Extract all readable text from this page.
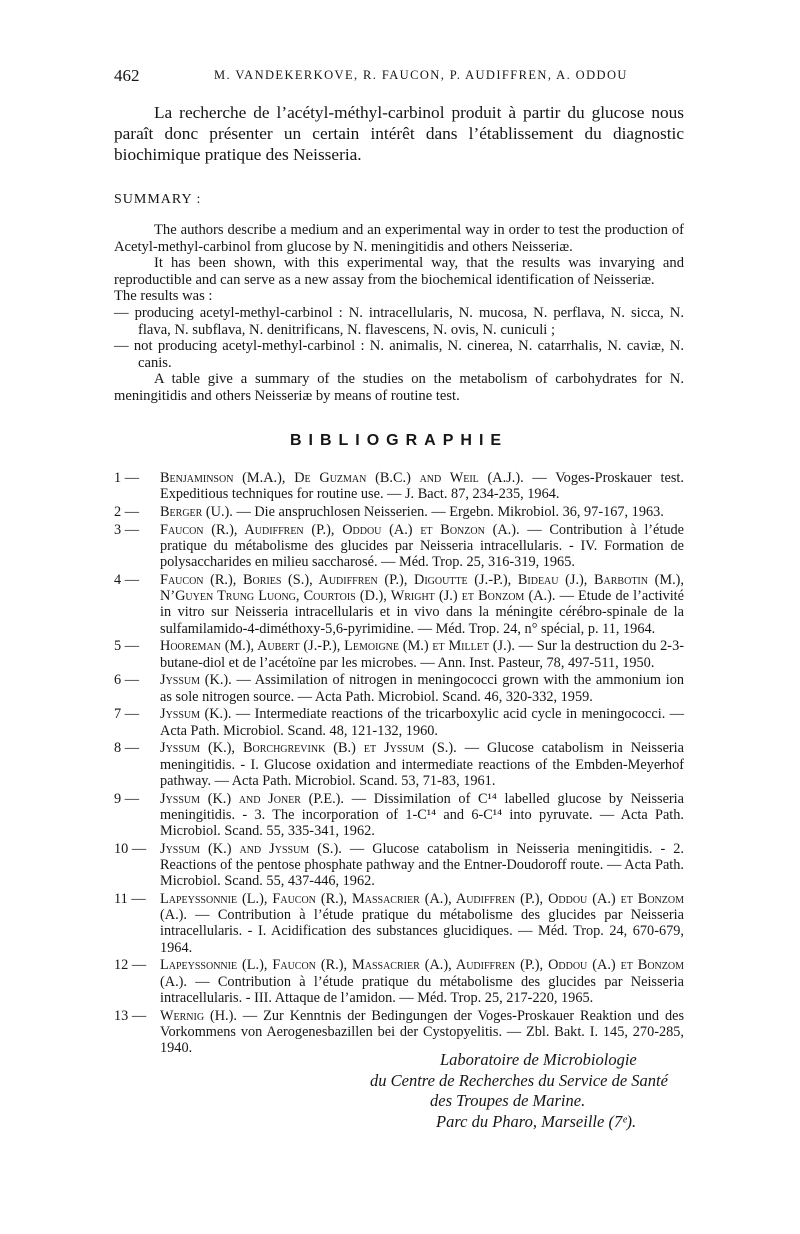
462	M. VANDEKERKOVE, R. FAUCON, P. AUDIFFREN, A. ODDOU

La recherche de l’acétyl-méthyl-carbinol produit à partir du glucose nous paraît donc présenter un certain intérêt dans l’établissement du diagnostic biochimique pratique des Neisseria.

SUMMARY :

The authors describe a medium and an experimental way in order to test the production of Acetyl-methyl-carbinol from glucose by N. meningitidis and others Neisseriæ.

It has been shown, with this experimental way, that the results was invarying and reproductible and can serve as a new assay from the biochemical identification of Neisseriæ.

The results was :

— producing acetyl-methyl-carbinol : N. intracellularis, N. mucosa, N. perflava, N. sicca, N. flava, N. subflava, N. denitrificans, N. flavescens, N. ovis, N. cuniculi ;

— not producing acetyl-methyl-carbinol : N. animalis, N. cinerea, N. catarrhalis, N. caviæ, N. canis.

A table give a summary of the studies on the metabolism of carbohydrates for N. meningitidis and others Neisseriæ by means of routine test.

BIBLIOGRAPHIE
1 —	Benjaminson (M.A.), De Guzman (B.C.) and Weil (A.J.). — Voges-Proskauer test. Expeditious techniques for routine use. — J. Bact. 87, 234-235, 1964.
2 —	Berger (U.). — Die anspruchlosen Neisserien. — Ergebn. Mikrobiol. 36, 97-167, 1963.
3 —	Faucon (R.), Audiffren (P.), Oddou (A.) et Bonzon (A.). — Contribution à l’étude pratique du métabolisme des glucides par Neisseria intracellularis. - IV. Formation de polysaccharides en milieu saccharosé. — Méd. Trop. 25, 316-319, 1965.
4 —	Faucon (R.), Bories (S.), Audiffren (P.), Digoutte (J.-P.), Bideau (J.), Barbotin (M.), N’Guyen Trung Luong, Courtois (D.), Wright (J.) et Bonzom (A.). — Etude de l’activité in vitro sur Neisseria intracellularis et in vivo dans la méningite cérébro-spinale de la sulfamilamido-4-diméthoxy-5,6-pyrimidine. — Méd. Trop. 24, n° spécial, p. 11, 1964.
5 —	Hooreman (M.), Aubert (J.-P.), Lemoigne (M.) et Millet (J.). — Sur la destruction du 2-3-butane-diol et de l’acétoïne par les microbes. — Ann. Inst. Pasteur, 78, 497-511, 1950.
6 —	Jyssum (K.). — Assimilation of nitrogen in meningococci grown with the ammonium ion as sole nitrogen source. — Acta Path. Microbiol. Scand. 46, 320-332, 1959.
7 —	Jyssum (K.). — Intermediate reactions of the tricarboxylic acid cycle in meningococci. — Acta Path. Microbiol. Scand. 48, 121-132, 1960.
8 —	Jyssum (K.), Borchgrevink (B.) et Jyssum (S.). — Glucose catabolism in Neisseria meningitidis. - I. Glucose oxidation and intermediate reactions of the Embden-Meyerhof pathway. — Acta Path. Microbiol. Scand. 53, 71-83, 1961.
9 —	Jyssum (K.) and Joner (P.E.). — Dissimilation of C¹⁴ labelled glucose by Neisseria meningitidis. - 3. The incorporation of 1-C¹⁴ and 6-C¹⁴ into pyruvate. — Acta Path. Microbiol. Scand. 55, 335-341, 1962.
10 — Jyssum (K.) and Jyssum (S.). — Glucose catabolism in Neisseria meningitidis. - 2. Reactions of the pentose phosphate pathway and the Entner-Doudoroff route. — Acta Path. Microbiol. Scand. 55, 437-446, 1962.
11 —	Lapeyssonnie (L.), Faucon (R.), Massacrier (A.), Audiffren (P.), Oddou (A.) et Bonzom (A.). — Contribution à l’étude pratique du métabolisme des glucides par Neisseria intracellularis. - I. Acidification des substances glucidiques. — Méd. Trop. 24, 670-679, 1964.
12 — Lapeyssonnie (L.), Faucon (R.), Massacrier (A.), Audiffren (P.), Oddou (A.) et Bonzom (A.). — Contribution à l’étude pratique du métabolisme des glucides par Neisseria intracellularis. - III. Attaque de l’amidon. — Méd. Trop. 25, 217-220, 1965.
13 — Wernig (H.). — Zur Kenntnis der Bedingungen der Voges-Proskauer Reaktion und des Vorkommens von Aerogenesbazillen bei der Cystopyelitis. — Zbl. Bakt. I. 145, 270-285, 1940.
Laboratoire de Microbiologie
du Centre de Recherches du Service de Santé
des Troupes de Marine.
Parc du Pharo, Marseille (7ᵉ).
